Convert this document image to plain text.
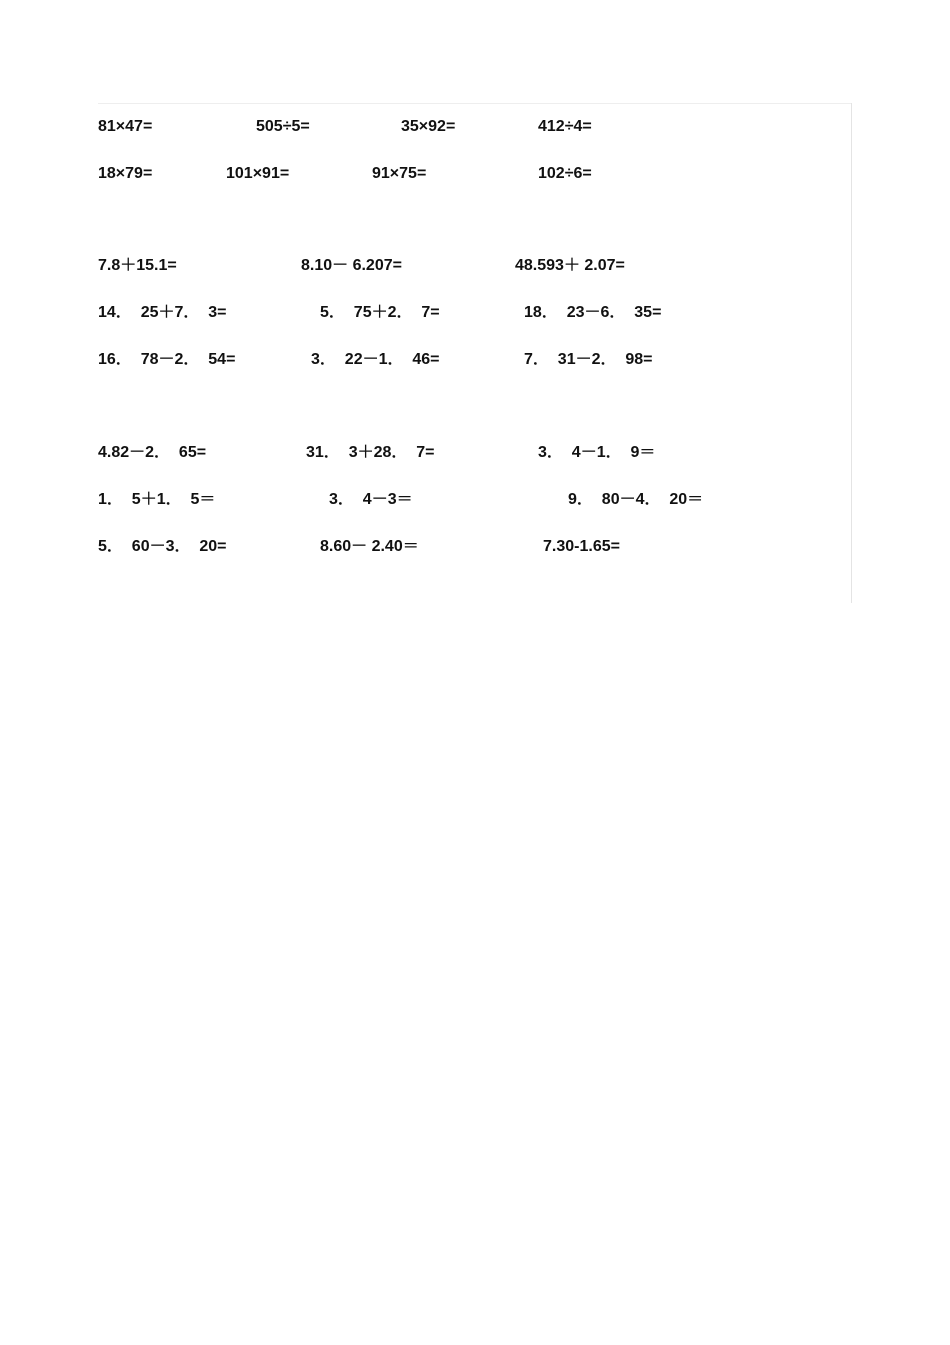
81×47=	505÷5=	35×92=	412÷4=
18×79=	101×91=	91×75=	102÷6=
7.8＋15.1=	8.10－ 6.207=	48.593＋ 2.07=
14．  25＋7．  3=	5．  75＋2．  7=	18．  23－6．  35=
16．  78－2．  54=	3．  22－1．  46=	7．  31－2．  98=
4.82－2．  65=	31．  3＋28．  7=	3．  4－1．  9＝
1．  5＋1．  5＝	3．  4－3＝	9．  80－4．  20＝
5．  60－3．  20=	8.60－ 2.40＝	7.30-1.65=
